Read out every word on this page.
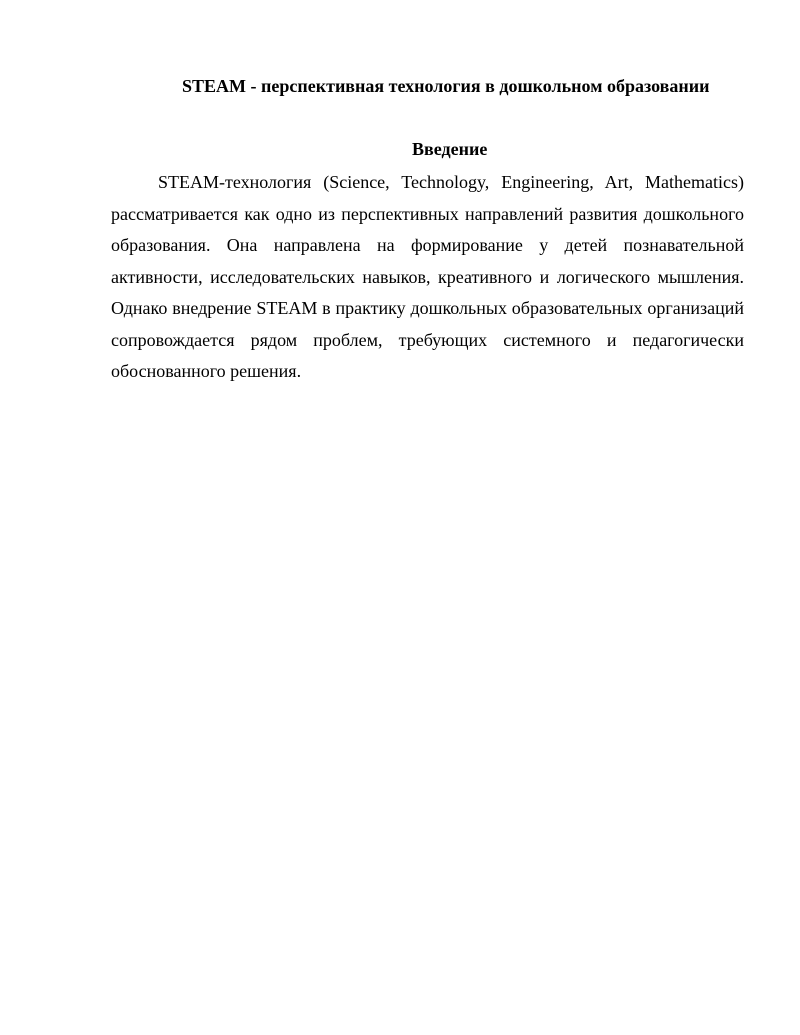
STEAM - перспективная технология в дошкольном образовании
Введение

STEAM-технология (Science, Technology, Engineering, Art, Mathematics) рассматривается как одно из перспективных направлений развития дошкольного образования. Она направлена на формирование у детей познавательной активности, исследовательских навыков, креативного и логического мышления. Однако внедрение STEAM в практику дошкольных образовательных организаций сопровождается рядом проблем, требующих системного и педагогически обоснованного решения.
